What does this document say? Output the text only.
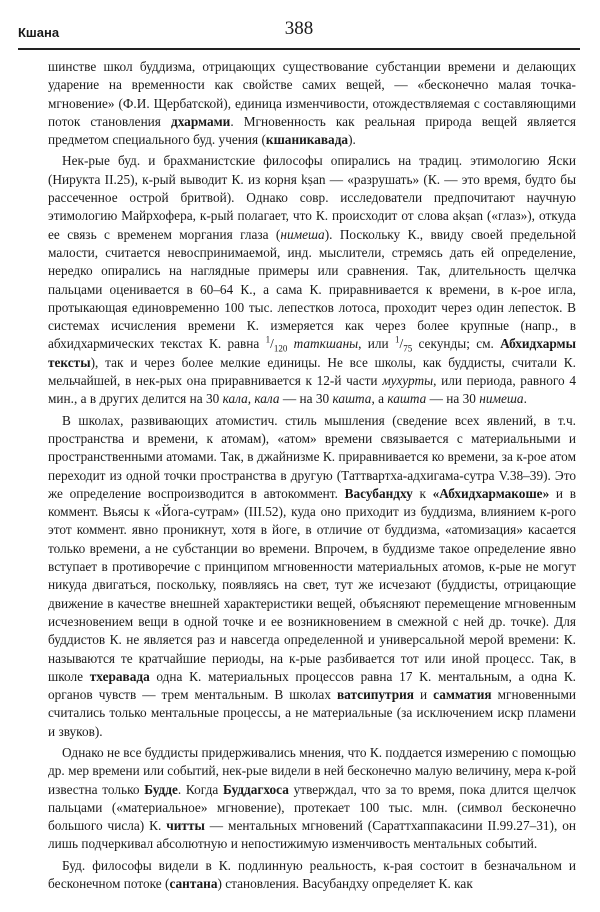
Кшана	388

шинстве школ буддизма, отрицающих существование субстанции времени и делающих ударение на временности как свойстве самих вещей, — «бесконечно малая точка-мгновение» (Ф.И. Щербатской), единица изменчивости, отождествляемая с составляющими поток становления дхармами. Мгновенность как реальная природа вещей является предметом специального буд. учения (кшаникавада).

Нек-рые буд. и брахманистские философы опирались на традиц. этимологию Яски (Нирукта II.25), к-рый выводит К. из корня kṣan — «разрушать» (К. — это время, будто бы рассеченное острой бритвой). Однако совр. исследователи предпочитают научную этимологию Майрхофера, к-рый полагает, что К. происходит от слова akṣan («глаз»), откуда ее связь с временем моргания глаза (нимеша). Поскольку К., ввиду своей предельной малости, считается невоспринимаемой, инд. мыслители, стремясь дать ей определение, нередко опирались на наглядные примеры или сравнения. Так, длительность щелчка пальцами оценивается в 60–64 К., а сама К. приравнивается к времени, в к-рое игла, протыкающая единовременно 100 тыс. лепестков лотоса, проходит через один лепесток. В системах исчисления времени К. измеряется как через более крупные (напр., в абхидхармических текстах К. равна $^1/_{120}$ таткшаны, или $^1/_{75}$ секунды; см. Абхидхармы тексты), так и через более мелкие единицы. Не все школы, как буддисты, считали К. мельчайшей, в нек-рых она приравнивается к 12-й части мухурты, или периода, равного 4 мин., а в других делится на 30 кала, кала — на 30 кашта, а кашта — на 30 нимеша.

В школах, развивающих атомистич. стиль мышления (сведение всех явлений, в т.ч. пространства и времени, к атомам), «атом» времени связывается с материальными и пространственными атомами. Так, в джайнизме К. приравнивается ко времени, за к-рое атом переходит из одной точки пространства в другую (Таттвартха-адхигама-сутра V.38–39). Это же определение воспроизводится в автокоммент. Васубандху к «Абхидхармакоше» и в коммент. Вьясы к «Йога-сутрам» (III.52), куда оно приходит из буддизма, влиянием к-рого этот коммент. явно проникнут, хотя в йоге, в отличие от буддизма, «атомизация» касается только времени, а не субстанции во времени. Впрочем, в буддизме такое определение явно вступает в противоречие с принципом мгновенности материальных атомов, к-рые не могут никуда двигаться, поскольку, появляясь на свет, тут же исчезают (буддисты, отрицающие движение в качестве внешней характеристики вещей, объясняют перемещение мгновенным исчезновением вещи в одной точке и ее возникновением в смежной с ней др. точке). Для буддистов К. не является раз и навсегда определенной и универсальной мерой времени: К. называются те кратчайшие периоды, на к-рые разбивается тот или иной процесс. Так, в школе тхеравада одна К. материальных процессов равна 17 К. ментальным, а одна К. органов чувств — трем ментальным. В школах ватсипутрия и самматия мгновенными считались только ментальные процессы, а не материальные (за исключением искр пламени и звуков).

Однако не все буддисты придерживались мнения, что К. поддается измерению с помощью др. мер времени или событий, нек-рые видели в ней бесконечно малую величину, мера к-рой известна только Будде. Когда Буддагхоса утверждал, что за то время, пока длится щелчок пальцами («материальное» мгновение), протекает 100 тыс. млн. (символ бесконечно большого числа) К. читты — ментальных мгновений (Сараттхаппакасини II.99.27–31), он лишь подчеркивал абсолютную и непостижимую изменчивость ментальных событий.

Буд. философы видели в К. подлинную реальность, к-рая состоит в безначальном и бесконечном потоке (сантана) становления. Васубандху определяет К. как
